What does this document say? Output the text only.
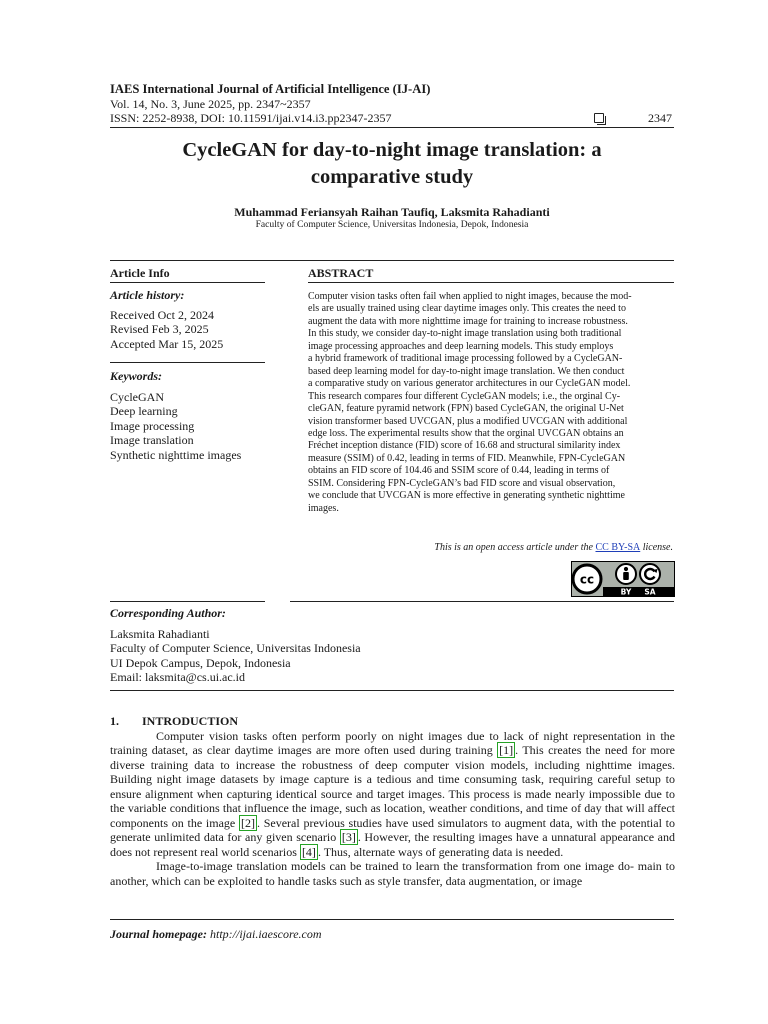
IAES International Journal of Artificial Intelligence (IJ-AI)
Vol. 14, No. 3, June 2025, pp. 2347~2357
ISSN: 2252-8938, DOI: 10.11591/ijai.v14.i3.pp2347-2357	2347
CycleGAN for day-to-night image translation: a
comparative study
Muhammad Feriansyah Raihan Taufiq, Laksmita Rahadianti
Faculty of Computer Science, Universitas Indonesia, Depok, Indonesia
Article Info	ABSTRACT
Article history:
Received Oct 2, 2024
Revised Feb 3, 2025
Accepted Mar 15, 2025
Keywords:
CycleGAN
Deep learning
Image processing
Image translation
Synthetic nighttime images
Computer vision tasks often fail when applied to night images, because the mod-
els are usually trained using clear daytime images only. This creates the need to
augment the data with more nighttime image for training to increase robustness.
In this study, we consider day-to-night image translation using both traditional
image processing approaches and deep learning models. This study employs
a hybrid framework of traditional image processing followed by a CycleGAN-
based deep learning model for day-to-night image translation. We then conduct
a comparative study on various generator architectures in our CycleGAN model.
This research compares four different CycleGAN models; i.e., the orginal Cy-
cleGAN, feature pyramid network (FPN) based CycleGAN, the original U-Net
vision transformer based UVCGAN, plus a modified UVCGAN with additional
edge loss. The experimental results show that the orginal UVCGAN obtains an
Fréchet inception distance (FID) score of 16.68 and structural similarity index
measure (SSIM) of 0.42, leading in terms of FID. Meanwhile, FPN-CycleGAN
obtains an FID score of 104.46 and SSIM score of 0.44, leading in terms of
SSIM. Considering FPN-CycleGAN’s bad FID score and visual observation,
we conclude that UVCGAN is more effective in generating synthetic nighttime
images.
This is an open access article under the CC BY-SA license.
cc
BY SA
Corresponding Author:
Laksmita Rahadianti
Faculty of Computer Science, Universitas Indonesia
UI Depok Campus, Depok, Indonesia
Email: laksmita@cs.ui.ac.id
1. INTRODUCTION

Computer vision tasks often perform poorly on night images due to lack of night representation in the training dataset, as clear daytime images are more often used during training [1] . This creates the need for more diverse training data to increase the robustness of deep computer vision models, including nighttime images. Building night image datasets by image capture is a tedious and time consuming task, requiring careful setup to ensure alignment when capturing identical source and target images. This process is made nearly impossible due to the variable conditions that influence the image, such as location, weather conditions, and time of day that will affect components on the image [2] . Several previous studies have used simulators to augment data, with the potential to generate unlimited data for any given scenario [3] . However, the resulting images have a unnatural appearance and does not represent real world scenarios [4] . Thus, alternate ways of generating data is needed.

Image-to-image translation models can be trained to learn the transformation from one image do- main to another, which can be exploited to handle tasks such as style transfer, data augmentation, or image

Journal homepage: http://ijai.iaescore.com
